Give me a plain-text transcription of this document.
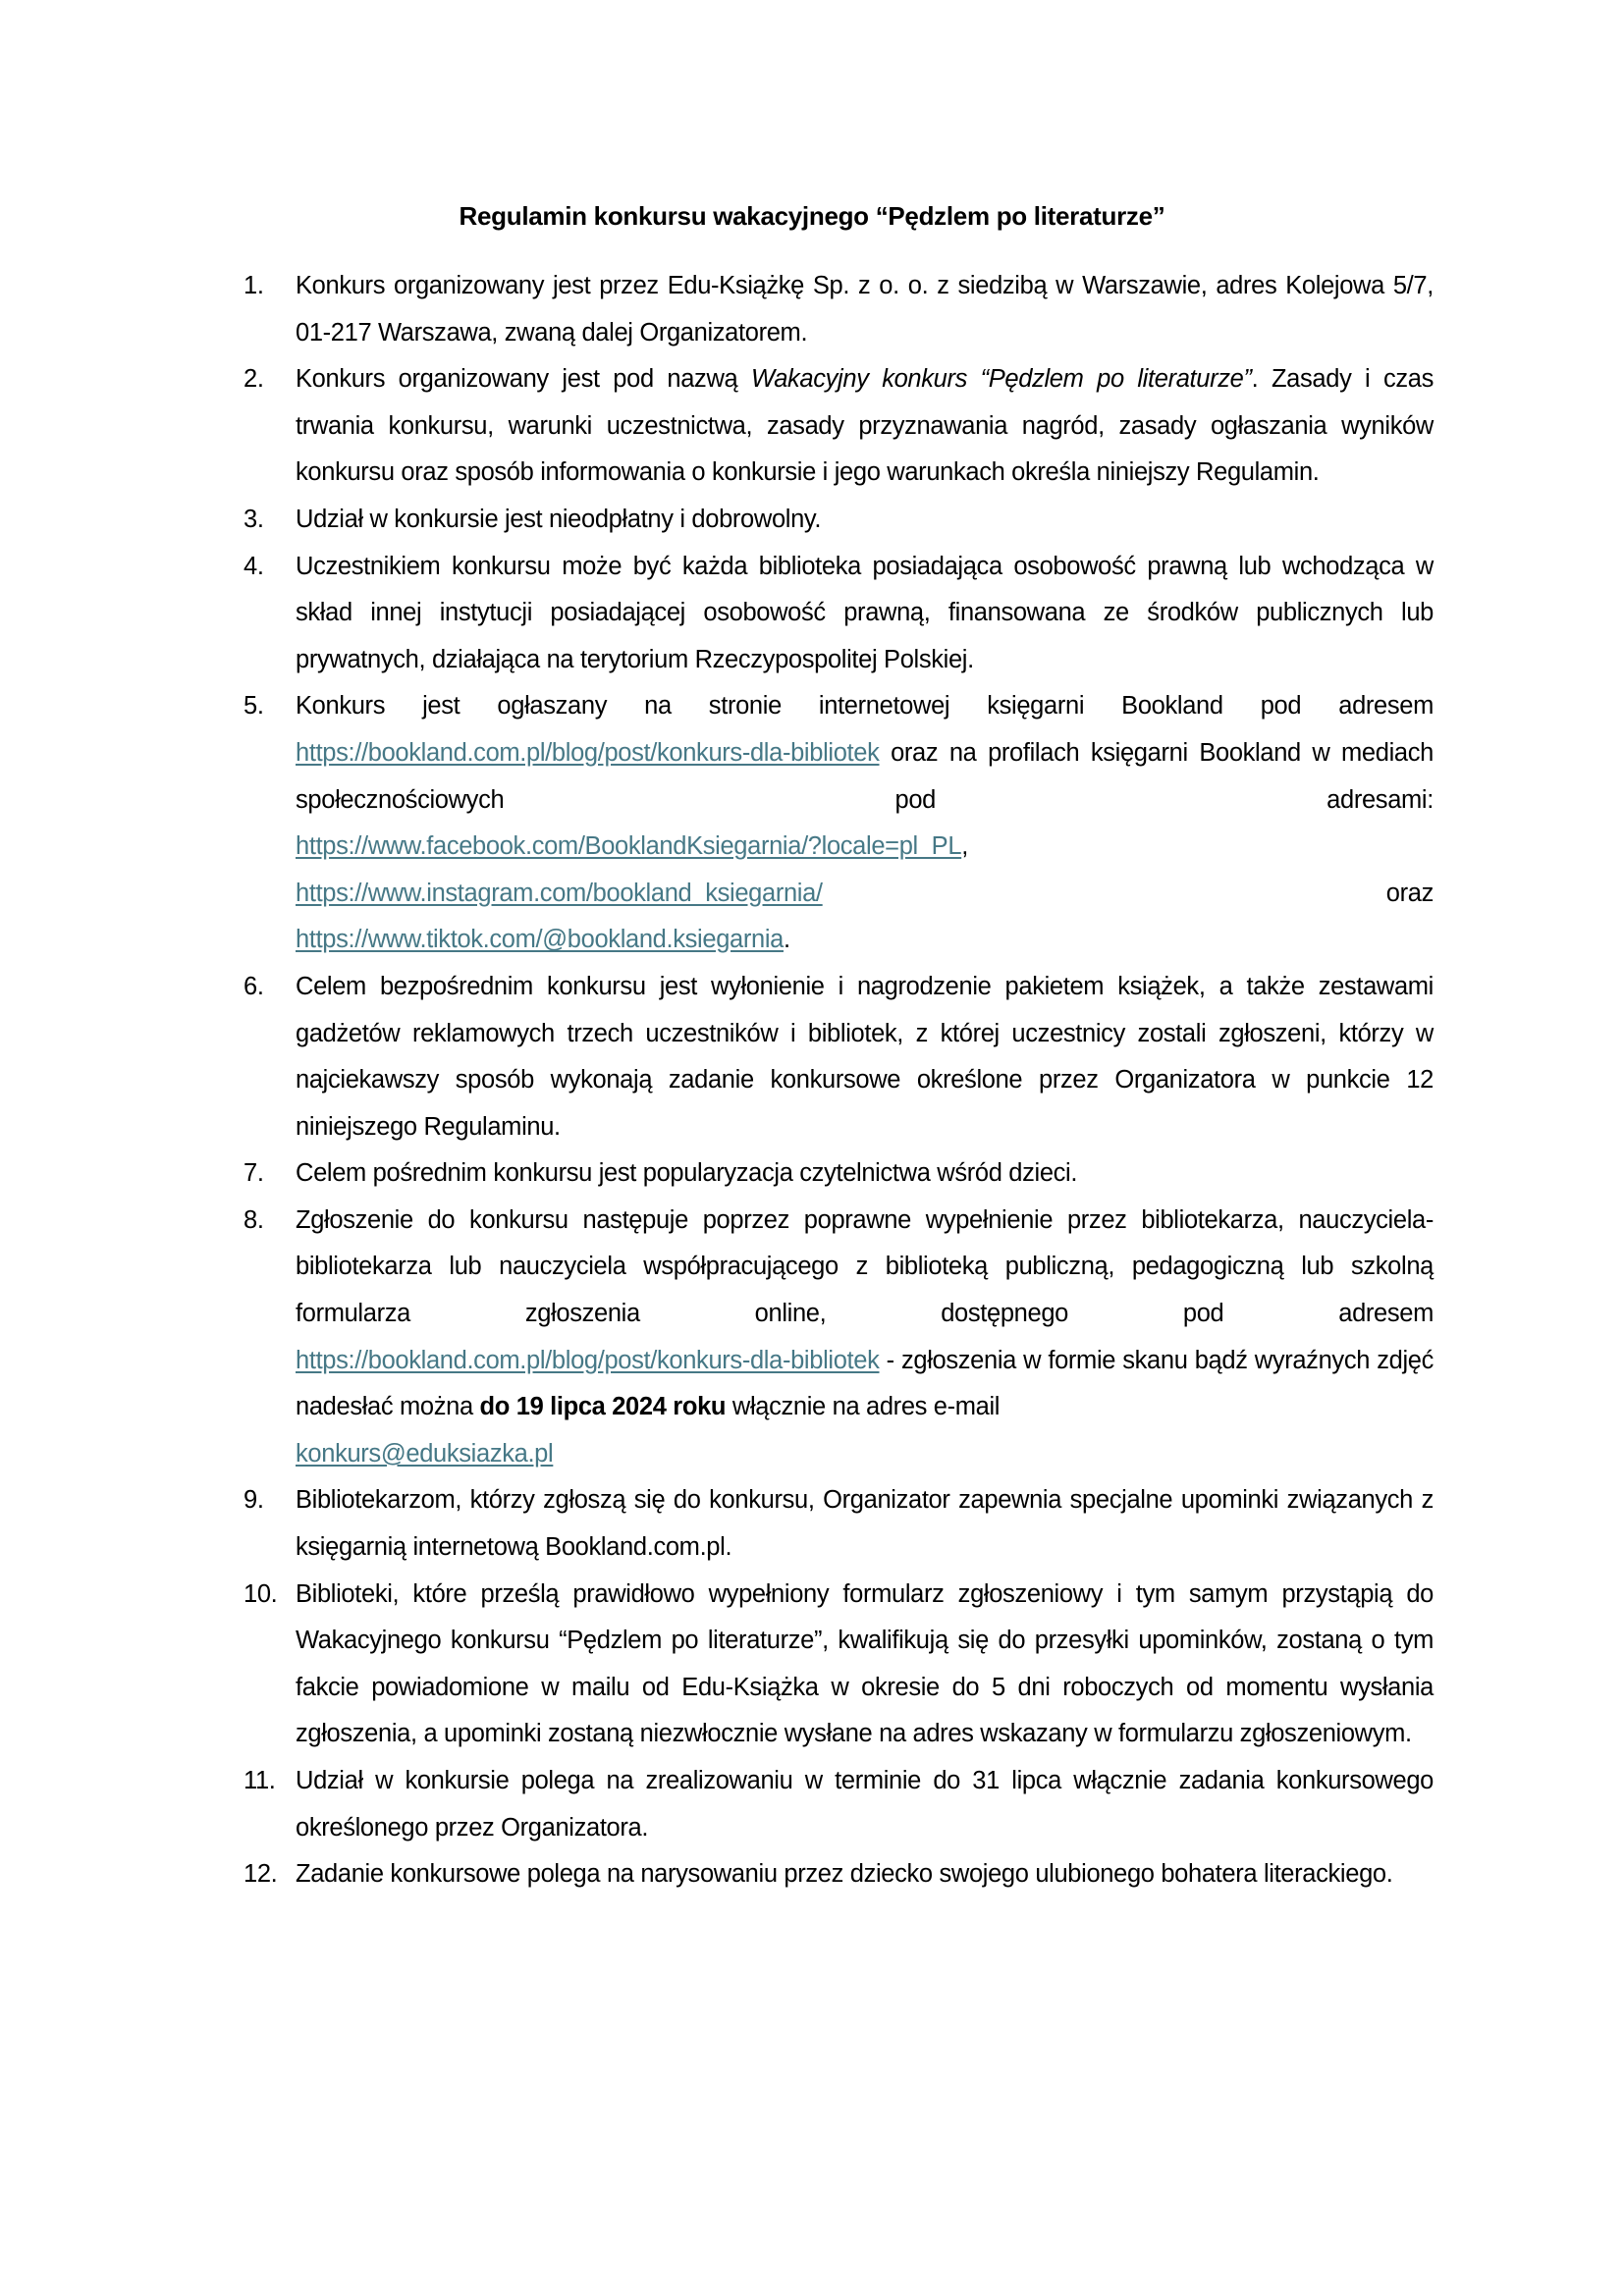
Regulamin konkursu wakacyjnego “Pędzlem po literaturze”
1.	Konkurs organizowany jest przez Edu-Książkę Sp. z o. o. z siedzibą w Warszawie, adres Kolejowa 5/7, 01-217 Warszawa, zwaną dalej Organizatorem.
2.	Konkurs organizowany jest pod nazwą Wakacyjny konkurs “Pędzlem po literaturze”. Zasady i czas trwania konkursu, warunki uczestnictwa, zasady przyznawania nagród, zasady ogłaszania wyników konkursu oraz sposób informowania o konkursie i jego warunkach określa niniejszy Regulamin.
3.	Udział w konkursie jest nieodpłatny i dobrowolny.
4.	Uczestnikiem konkursu może być każda biblioteka posiadająca osobowość prawną lub wchodząca w skład innej instytucji posiadającej osobowość prawną, finansowana ze środków publicznych lub prywatnych, działająca na terytorium Rzeczypospolitej Polskiej.
5.	Konkurs jest ogłaszany na stronie internetowej księgarni Bookland pod adresem
https://bookland.com.pl/blog/post/konkurs-dla-bibliotek oraz na profilach księgarni Bookland w mediach społecznościowych pod adresami:
https://www.facebook.com/BooklandKsiegarnia/?locale=pl_PL,
https://www.instagram.com/bookland_ksiegarnia/	oraz
https://www.tiktok.com/@bookland.ksiegarnia.
6.	Celem bezpośrednim konkursu jest wyłonienie i nagrodzenie pakietem książek, a także zestawami gadżetów reklamowych trzech uczestników i bibliotek, z której uczestnicy zostali zgłoszeni, którzy w najciekawszy sposób wykonają zadanie konkursowe określone przez Organizatora w punkcie 12 niniejszego Regulaminu.
7.	Celem pośrednim konkursu jest popularyzacja czytelnictwa wśród dzieci.
8.	Zgłoszenie do konkursu następuje poprzez poprawne wypełnienie przez bibliotekarza, nauczyciela-bibliotekarza lub nauczyciela współpracującego z biblioteką publiczną, pedagogiczną lub szkolną formularza zgłoszenia online, dostępnego pod adresem
https://bookland.com.pl/blog/post/konkurs-dla-bibliotek - zgłoszenia w formie skanu bądź wyraźnych zdjęć nadesłać można do 19 lipca 2024 roku włącznie na adres e-mail
konkurs@eduksiazka.pl
9.	Bibliotekarzom, którzy zgłoszą się do konkursu, Organizator zapewnia specjalne upominki związanych z księgarnią internetową Bookland.com.pl.
10. Biblioteki, które prześlą prawidłowo wypełniony formularz zgłoszeniowy i tym samym przystąpią do Wakacyjnego konkursu “Pędzlem po literaturze”, kwalifikują się do przesyłki upominków, zostaną o tym fakcie powiadomione w mailu od Edu-Książka w okresie do 5 dni roboczych od momentu wysłania zgłoszenia, a upominki zostaną niezwłocznie wysłane na adres wskazany w formularzu zgłoszeniowym.
11. Udział w konkursie polega na zrealizowaniu w terminie do 31 lipca włącznie zadania konkursowego określonego przez Organizatora.
12. Zadanie konkursowe polega na narysowaniu przez dziecko swojego ulubionego bohatera literackiego.
